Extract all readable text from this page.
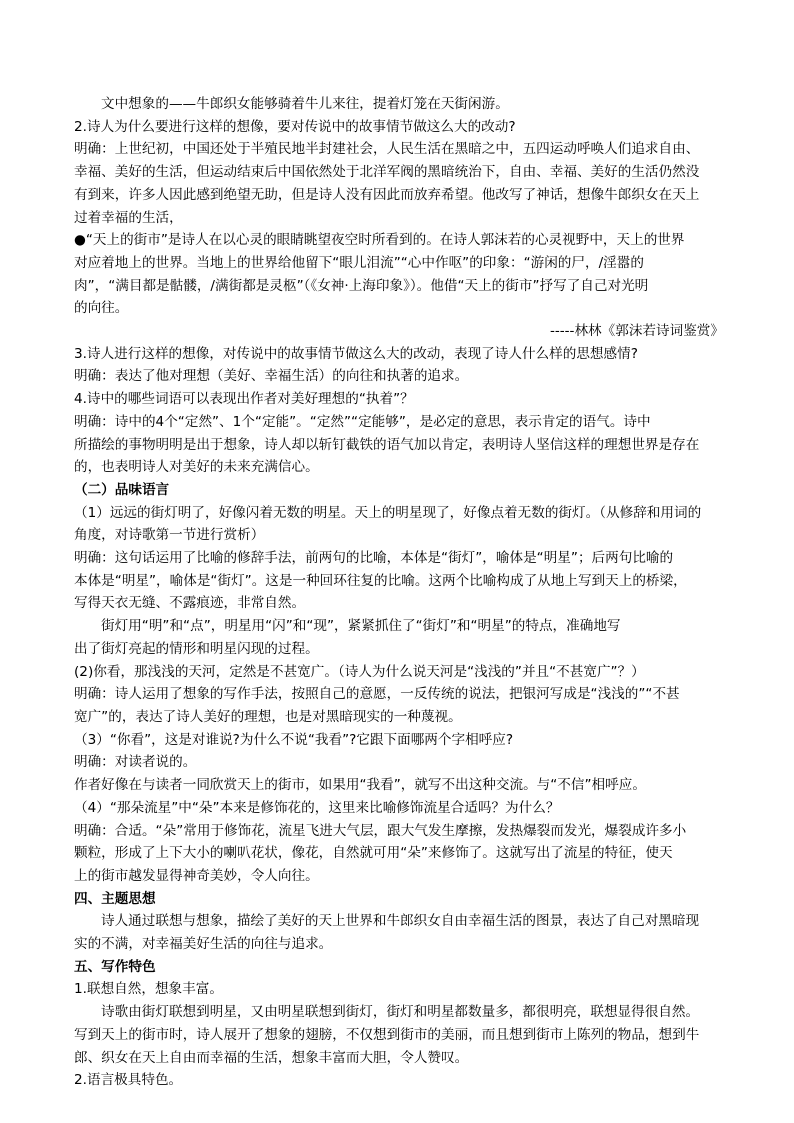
文中想象的——牛郎织女能够骑着牛儿来往，提着灯笼在天街闲游。
2.诗人为什么要进行这样的想像，要对传说中的故事情节做这么大的改动?
明确：上世纪初，中国还处于半殖民地半封建社会，人民生活在黑暗之中，五四运动呼唤人们追求自由、
幸福、美好的生活，但运动结束后中国依然处于北洋军阀的黑暗统治下，自由、幸福、美好的生活仍然没
有到来，许多人因此感到绝望无助，但是诗人没有因此而放弃希望。他改写了神话，想像牛郎织女在天上
过着幸福的生活，
●“天上的街市”是诗人在以心灵的眼睛眺望夜空时所看到的。在诗人郭沫若的心灵视野中，天上的世界
对应着地上的世界。当地上的世界给他留下“眼儿泪流”“心中作呕”的印象：“游闲的尸，/淫嚣的
肉”，“满目都是骷髅，/满街都是灵柩”（《女神·上海印象》）。他借“天上的街市”抒写了自己对光明
的向往。
-----林林《郭沫若诗词鉴赏》
3.诗人进行这样的想像，对传说中的故事情节做这么大的改动，表现了诗人什么样的思想感情?
明确：表达了他对理想（美好、幸福生活）的向往和执著的追求。
4.诗中的哪些词语可以表现出作者对美好理想的“执着”？
明确：诗中的4个“定然”、1个“定能”。“定然”“定能够”，是必定的意思，表示肯定的语气。诗中
所描绘的事物明明是出于想象，诗人却以斩钉截铁的语气加以肯定，表明诗人坚信这样的理想世界是存在
的，也表明诗人对美好的未来充满信心。
（二）品味语言
（1）远远的街灯明了，好像闪着无数的明星。天上的明星现了，好像点着无数的街灯。（从修辞和用词的
角度，对诗歌第一节进行赏析）
明确：这句话运用了比喻的修辞手法，前两句的比喻，本体是“街灯”，喻体是“明星”；后两句比喻的
本体是“明星”，喻体是“街灯”。这是一种回环往复的比喻。这两个比喻构成了从地上写到天上的桥梁，
写得天衣无缝、不露痕迹，非常自然。
街灯用“明”和“点”，明星用“闪”和“现”，紧紧抓住了“街灯”和“明星”的特点，准确地写
出了街灯亮起的情形和明星闪现的过程。
(2)你看，那浅浅的天河，定然是不甚宽广。（诗人为什么说天河是“浅浅的”并且“不甚宽广”？）
明确：诗人运用了想象的写作手法，按照自己的意愿，一反传统的说法，把银河写成是“浅浅的”“不甚
宽广”的，表达了诗人美好的理想，也是对黑暗现实的一种蔑视。
（3）“你看”，这是对谁说?为什么不说“我看”?它跟下面哪两个字相呼应?
明确：对读者说的。
作者好像在与读者一同欣赏天上的街市，如果用“我看”，就写不出这种交流。与“不信”相呼应。
（4）“那朵流星”中“朵”本来是修饰花的，这里来比喻修饰流星合适吗？为什么？
明确：合适。“朵”常用于修饰花，流星飞进大气层，跟大气发生摩擦，发热爆裂而发光，爆裂成许多小
颗粒，形成了上下大小的喇叭花状，像花，自然就可用“朵”来修饰了。这就写出了流星的特征，使天
上的街市越发显得神奇美妙，令人向往。
四、主题思想
诗人通过联想与想象，描绘了美好的天上世界和牛郎织女自由幸福生活的图景，表达了自己对黑暗现
实的不满，对幸福美好生活的向往与追求。
五、写作特色
1.联想自然，想象丰富。
诗歌由街灯联想到明星，又由明星联想到街灯，街灯和明星都数量多，都很明亮，联想显得很自然。
写到天上的街市时，诗人展开了想象的翅膀，不仅想到街市的美丽，而且想到街市上陈列的物品，想到牛
郎、织女在天上自由而幸福的生活，想象丰富而大胆，令人赞叹。
2.语言极具特色。
